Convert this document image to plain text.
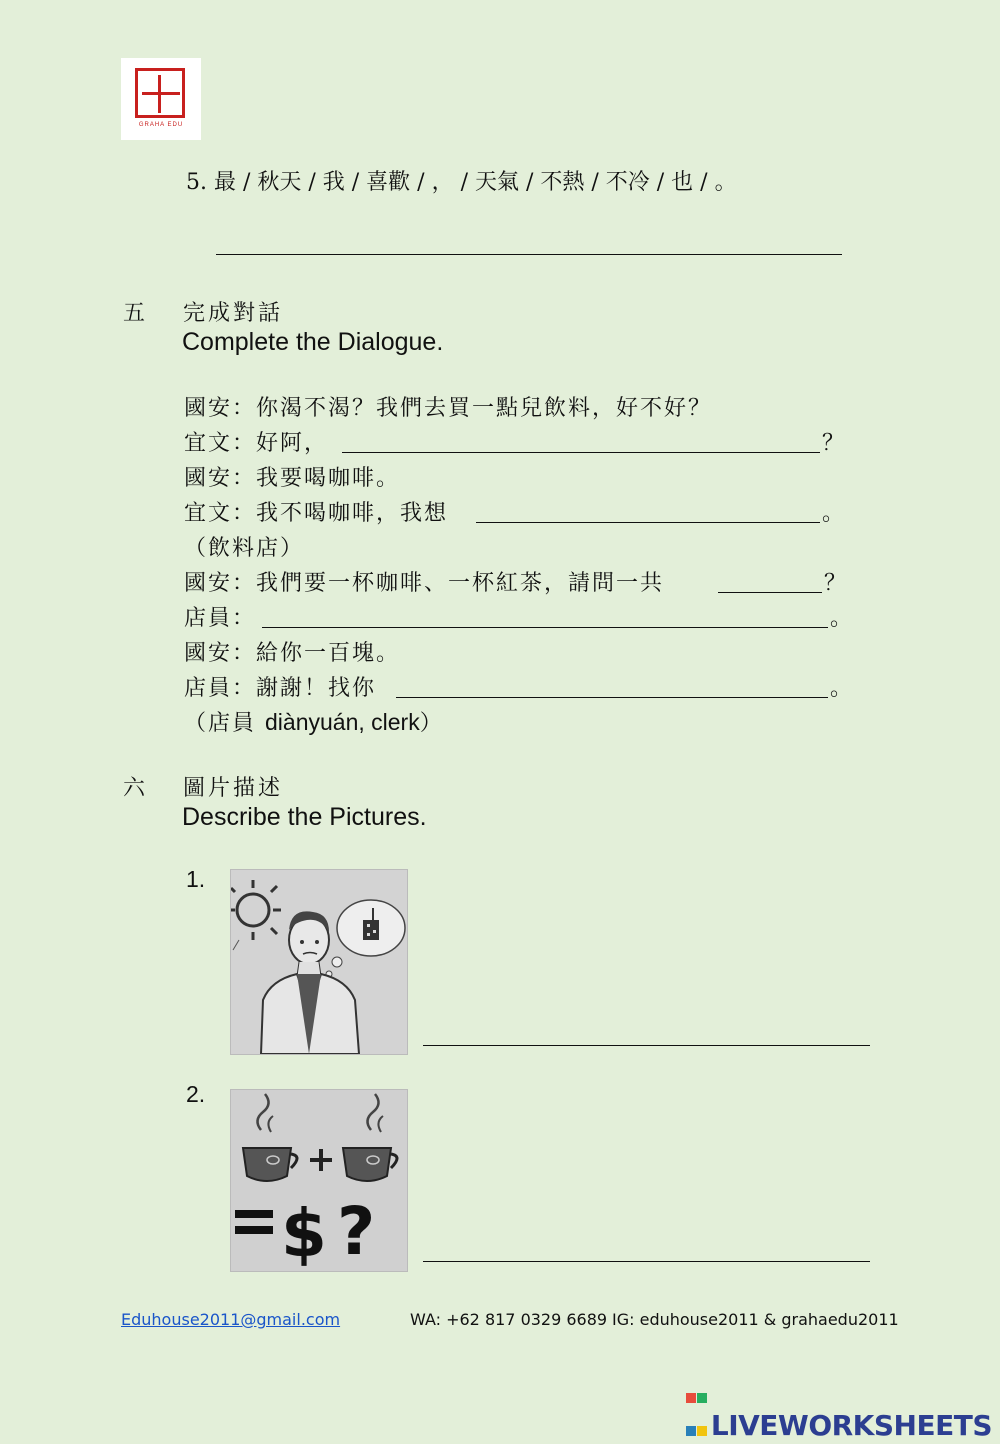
GRAHA EDU
5. 最 / 秋天 / 我 / 喜歡 / ， / 天氣 / 不熱 / 不冷 / 也 / 。
五 完成對話
Complete the Dialogue.
國安：你渴不渴？我們去買一點兒飲料，好不好？
宜文：好阿，	？
國安：我要喝咖啡。
宜文：我不喝咖啡，我想	。
（飲料店）
國安：我們要一杯咖啡、一杯紅茶，請問一共	？
店員：	。
國安：給你一百塊。
店員：謝謝！找你	。
（店員 diànyuán, clerk）
六 圖片描述
Describe the Pictures.
1.
2.
$ ?
Eduhouse2011@gmail.com	WA: +62 817 0329 6689 IG: eduhouse2011 & grahaedu2011

LIVEWORKSHEETS
